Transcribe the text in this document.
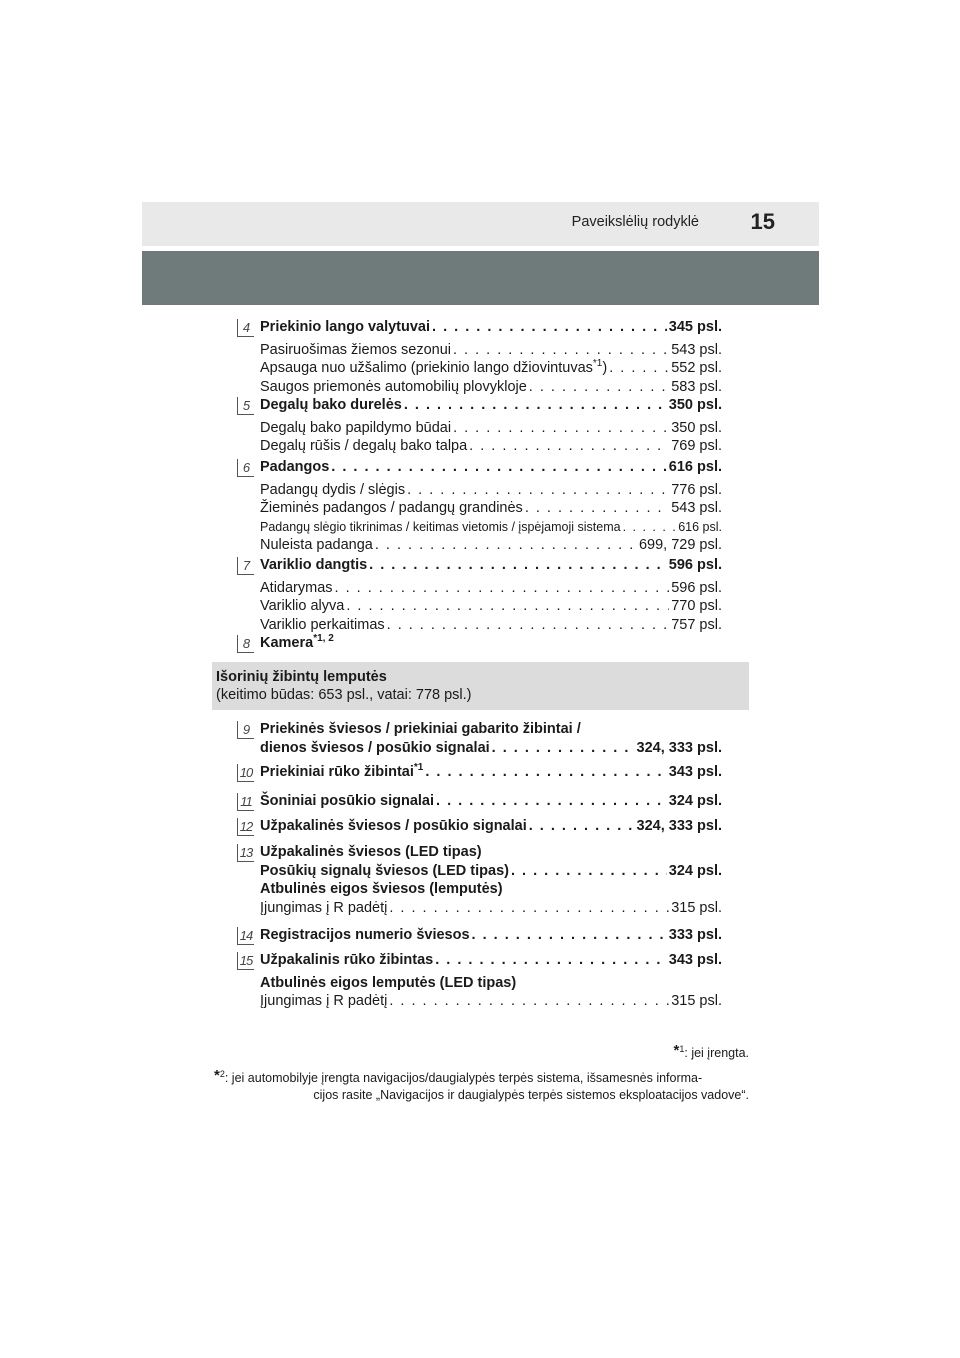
Paveikslėlių rodyklė 15
4 Priekinio lango valytuvai . . .	345 psl.
Pasiruošimas žiemos sezonui . . .	543 psl.
Apsauga nuo užšalimo (priekinio lango džiovintuvas$^{*1}$) . . .	552 psl.
Saugos priemonės automobilių plovykloje . . .	583 psl.
5 Degalų bako durelės . . .	350 psl.
Degalų bako papildymo būdai . . .	350 psl.
Degalų rūšis / degalų bako talpa . . .	769 psl.
6 Padangos . . .	616 psl.
Padangų dydis / slėgis . . .	776 psl.
Žieminės padangos / padangų grandinės . . .	543 psl.
Padangų slėgio tikrinimas / keitimas vietomis / įspėjamoji sistema . . .	616 psl.
Nuleista padanga . . .	699, 729 psl.
7 Variklio dangtis . . .	596 psl.
Atidarymas . . .	596 psl.
Variklio alyva . . .	770 psl.
Variklio perkaitimas . . .	757 psl.
8 Kamera$^{*1, 2}$
9 Priekinės šviesos / priekiniai gabarito žibintai /
dienos šviesos / posūkio signalai . . .	324, 333 psl.
10 Priekiniai rūko žibintai$^{*1}$ . . .	343 psl.
11 Šoniniai posūkio signalai . . .	324 psl.
12 Užpakalinės šviesos / posūkio signalai . . .	324, 333 psl.
13 Užpakalinės šviesos (LED tipas)
Posūkių signalų šviesos (LED tipas) . . .	324 psl.
Atbulinės eigos šviesos (lemputės)
Įjungimas į R padėtį . . .	315 psl.
14 Registracijos numerio šviesos . . .	333 psl.
15 Užpakalinis rūko žibintas . . .	343 psl.
Atbulinės eigos lemputės (LED tipas)
Įjungimas į R padėtį . . .	315 psl.
Išorinių žibintų lemputės
(keitimo būdas: 653 psl., vatai: 778 psl.)
*$^1$: jei įrengta.
*$^2$: jei automobilyje įrengta navigacijos/daugialypės terpės sistema, išsamesnės informa-
cijos rasite „Navigacijos ir daugialypės terpės sistemos eksploatacijos vadove“.
